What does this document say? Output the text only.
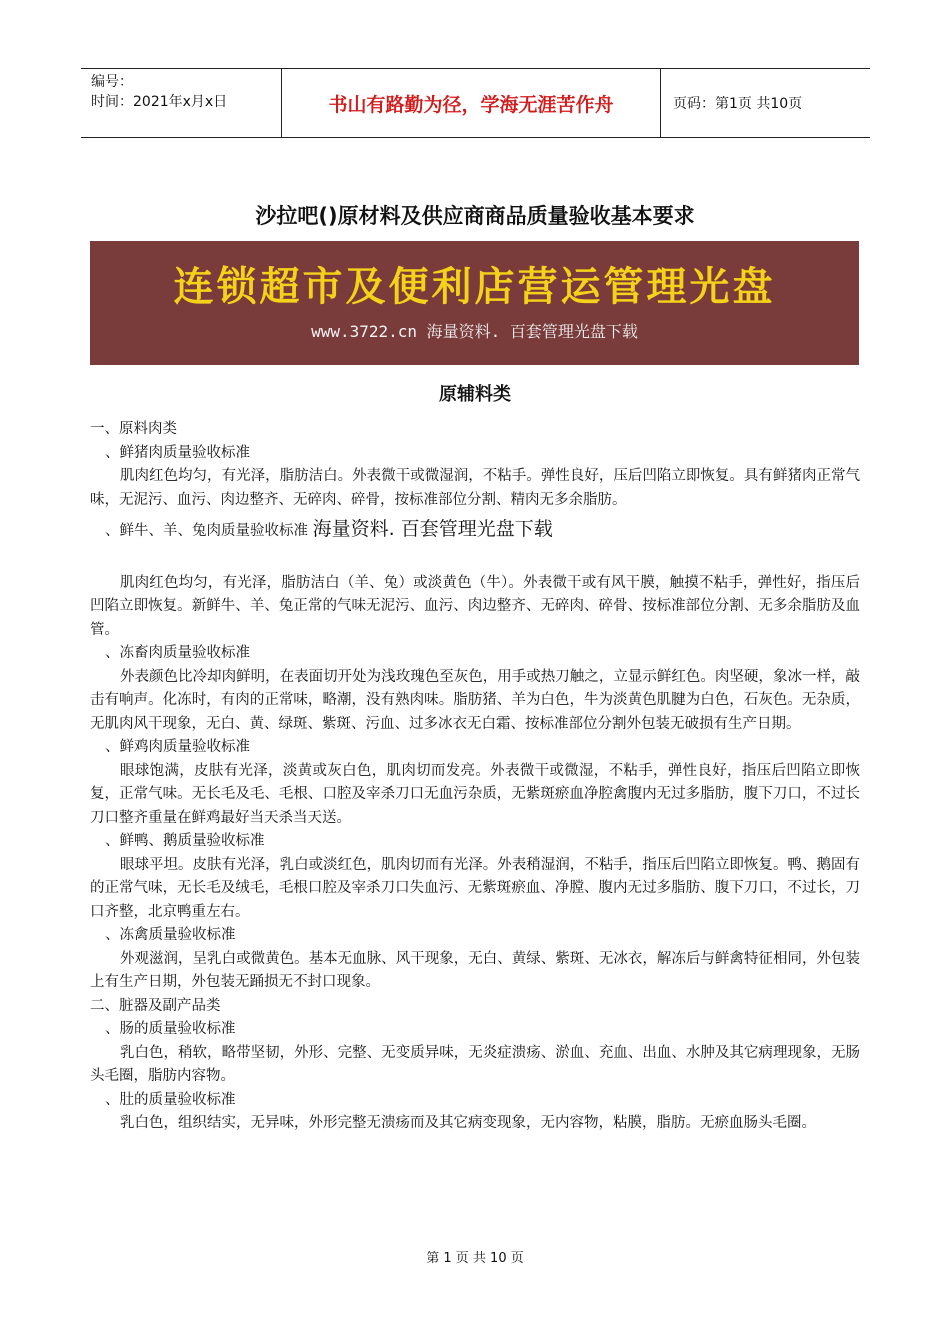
编号：
时间：2021年x月x日	书山有路勤为径，学海无涯苦作舟	页码：第1页 共10页
沙拉吧()原材料及供应商商品质量验收基本要求
连锁超市及便利店营运管理光盘
www.3722.cn 海量资料. 百套管理光盘下载
原辅料类
一、原料肉类
、鲜猪肉质量验收标准
肌肉红色均匀，有光泽，脂肪洁白。外表微干或微湿润，不粘手。弹性良好，压后凹陷立即恢复。具有鲜猪肉正常气味，无泥污、血污、肉边整齐、无碎肉、碎骨，按标准部位分割、精肉无多余脂肪。
、鲜牛、羊、兔肉质量验收标准 海量资料. 百套管理光盘下载
肌肉红色均匀，有光泽，脂肪洁白（羊、兔）或淡黄色（牛）。外表微干或有风干膜，触摸不粘手，弹性好，指压后凹陷立即恢复。新鲜牛、羊、兔正常的气味无泥污、血污、肉边整齐、无碎肉、碎骨、按标准部位分割、无多余脂肪及血管。
、冻畜肉质量验收标准
外表颜色比冷却肉鲜明，在表面切开处为浅玫瑰色至灰色，用手或热刀触之，立显示鲜红色。肉坚硬，象冰一样，敲击有响声。化冻时，有肉的正常味，略潮，没有熟肉味。脂肪猪、羊为白色，牛为淡黄色肌腱为白色，石灰色。无杂质，无肌肉风干现象，无白、黄、绿斑、紫斑、污血、过多冰衣无白霜、按标准部位分割外包装无破损有生产日期。
、鲜鸡肉质量验收标准
眼球饱满，皮肤有光泽，淡黄或灰白色，肌肉切而发亮。外表微干或微湿，不粘手，弹性良好，指压后凹陷立即恢复，正常气味。无长毛及毛、毛根、口腔及宰杀刀口无血污杂质，无紫斑瘀血净腔禽腹内无过多脂肪，腹下刀口，不过长刀口整齐重量在鲜鸡最好当天杀当天送。
、鲜鸭、鹅质量验收标准
眼球平坦。皮肤有光泽，乳白或淡红色，肌肉切而有光泽。外表稍湿润，不粘手，指压后凹陷立即恢复。鸭、鹅固有的正常气味，无长毛及绒毛，毛根口腔及宰杀刀口失血污、无紫斑瘀血、净膛、腹内无过多脂肪、腹下刀口，不过长，刀口齐整，北京鸭重左右。
、冻禽质量验收标准
外观滋润，呈乳白或微黄色。基本无血脉、风干现象，无白、黄绿、紫斑、无冰衣，解冻后与鲜禽特征相同，外包装上有生产日期，外包装无踊损无不封口现象。
二、脏器及副产品类
、肠的质量验收标准
乳白色，稍软，略带坚韧，外形、完整、无变质异味，无炎症溃疡、淤血、充血、出血、水肿及其它病理现象，无肠头毛圈，脂肪内容物。
、肚的质量验收标准
乳白色，组织结实，无异味，外形完整无溃疡而及其它病变现象，无内容物，粘膜，脂肪。无瘀血肠头毛圈。
第 1 页 共 10 页
